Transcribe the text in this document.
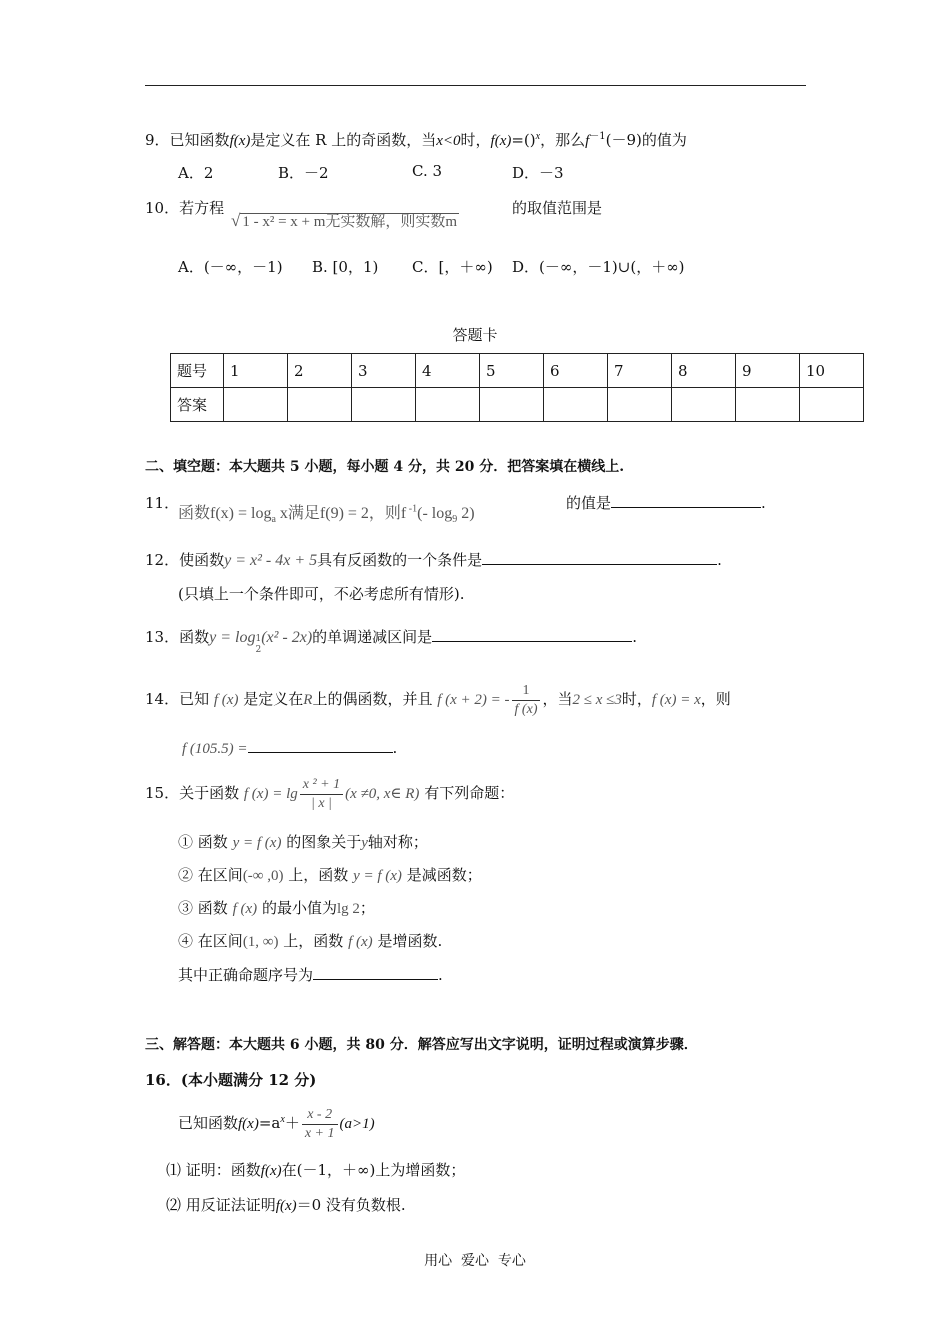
9．已知函数f(x)是定义在 R 上的奇函数，当x<0时，f(x)=()$^x$，那么$f^{-1}(-9)$的值为
A．2	B．－2	C. 3	D．－3
10．若方程
√ 1 - x² = x + m无实数解，则实数m
的取值范围是
A．(－∞，－1) B. [0，1) C．[，＋∞) D．(－∞，－1)∪(，＋∞)
答题卡
题号	1	2	3	4	5	6	7	8	9	10
答案										
二、填空题：本大题共 5 小题，每小题 4 分，共 20 分．把答案填在横线上.
11．
函数$f(x) = \log_a x$满足f(9) = 2，则f $^{-1}$(- $\log_9 2$)
的值是	.
12．使函数y = x² - 4x + 5具有反函数的一个条件是	.
(只填上一个条件即可，不必考虑所有情形).
13．函数y = log1
2(x² - 2x)的单调递减区间是	.
14．已知 f (x) 是定义在R上的偶函数，并且 f (x + 2) = - $\frac{1}{f (x)}$ ，当2 ≤ x ≤3时，f (x) = x，则
f (105.5) =	.
15．关于函数 f $(x) = \lg \frac{\text{x ² + 1}}{| x |} (x \ne 0$, x∈ R) 有下列命题：
① 函数 y = f (x) 的图象关于y轴对称；
② 在区间(-∞ ,0) 上，函数 y = f (x) 是减函数；
③ 函数 f (x) 的最小值为lg 2；
④ 在区间(1, ∞) 上，函数 f (x) 是增函数.
其中正确命题序号为	.
三、解答题：本大题共 6 小题，共 80 分．解答应写出文字说明，证明过程或演算步骤．
16．(本小题满分 12 分)
已知函数$f(x)=a^x+ \frac{x - 2}{x + 1} (a>1)$
⑴ 证明：函数f(x)在(－1，＋∞)上为增函数；
⑵ 用反证法证明f(x)＝0 没有负数根.
用心  爱心  专心
